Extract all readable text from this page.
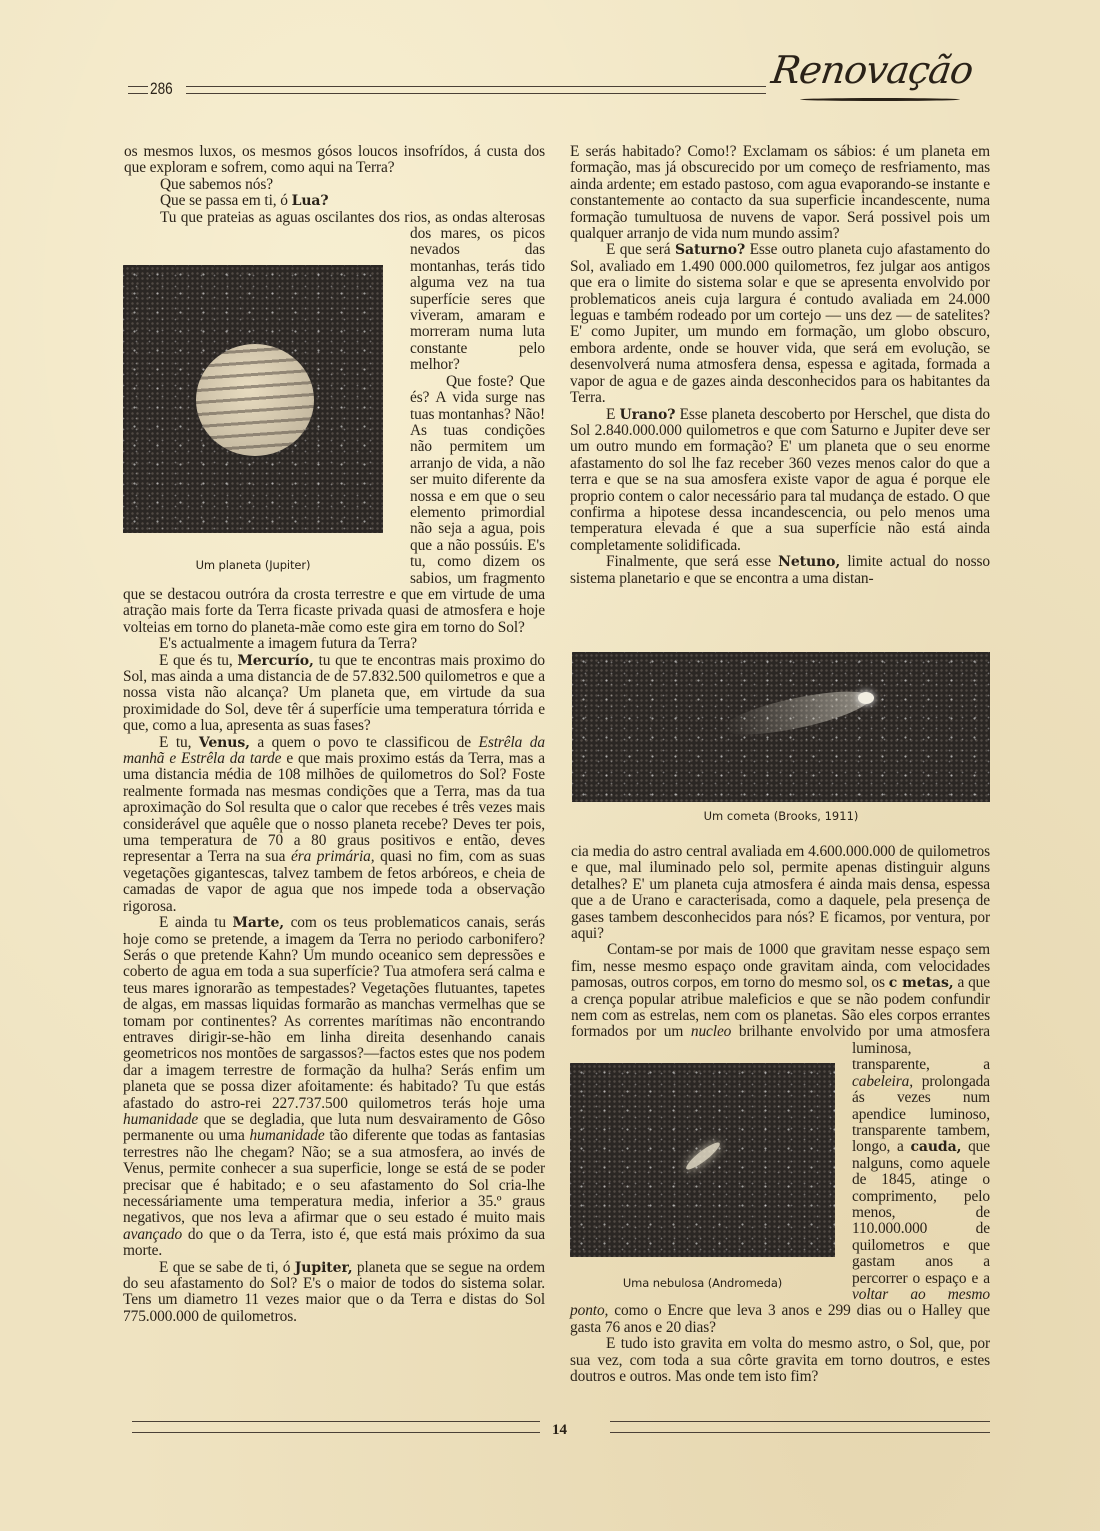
286	Renovação
Um planeta (Jupiter)

os mesmos luxos, os mesmos gósos loucos insofrídos, á custa dos que exploram e sofrem, como aqui na Terra?

Que sabemos nós?

Que se passa em ti, ó Lua?

Tu que prateias as aguas oscilantes dos rios, as ondas alterosas dos mares, os picos nevados das montanhas, terás tido alguma vez na tua superfície seres que viveram, amaram e morreram numa luta constante pelo melhor?

Que foste? Que és? A vida surge nas tuas montanhas? Não! As tuas condições não permitem um arranjo de vida, a não ser muito diferente da nossa e em que o seu elemento primordial não seja a agua, pois que a não possúis. E's tu, como dizem os sabios, um fragmento que se destacou outróra da crosta terrestre e que em virtude de uma atração mais forte da Terra ficaste privada quasi de atmosfera e hoje volteias em torno do planeta-mãe como este gira em torno do Sol?

E's actualmente a imagem futura da Terra?

E que és tu, Mercurío, tu que te encontras mais proximo do Sol, mas ainda a uma distancia de de 57.832.500 quilometros e que a nossa vista não alcança? Um planeta que, em virtude da sua proximidade do Sol, deve têr á superfície uma temperatura tórrida e que, como a lua, apresenta as suas fases?

E tu, Venus, a quem o povo te classificou de Estrêla da manhã e Estrêla da tarde e que mais proximo estás da Terra, mas a uma distancia média de 108 milhões de quilometros do Sol? Foste realmente formada nas mesmas condições que a Terra, mas da tua aproximação do Sol resulta que o calor que recebes é três vezes mais considerável que aquêle que o nosso planeta recebe? Deves ter pois, uma temperatura de 70 a 80 graus positivos e então, deves representar a Terra na sua éra primária, quasi no fim, com as suas vegetações gigantescas, talvez tambem de fetos arbóreos, e cheia de camadas de vapor de agua que nos impede toda a observação rigorosa.

E ainda tu Marte, com os teus problematicos canais, serás hoje como se pretende, a imagem da Terra no periodo carbonifero? Serás o que pretende Kahn? Um mundo oceanico sem depressões e coberto de agua em toda a sua superfície? Tua atmofera será calma e teus mares ignorarão as tempestades? Vegetações flutuantes, tapetes de algas, em massas liquidas formarão as manchas vermelhas que se tomam por continentes? As correntes marítimas não encontrando entraves dirigir-se-hão em linha direita desenhando canais geometricos nos montões de sargassos?—factos estes que nos podem dar a imagem terrestre de formação da hulha? Serás enfim um planeta que se possa dizer afoitamente: és habitado? Tu que estás afastado do astro-rei 227.737.500 quilometros terás hoje uma humanidade que se degladia, que luta num desvairamento de Gôso permanente ou uma humanidade tão diferente que todas as fantasias terrestres não lhe chegam? Não; se a sua atmosfera, ao invés de Venus, permite conhecer a sua superficie, longe se está de se poder precisar que é habitado; e o seu afastamento do Sol cria-lhe necessáriamente uma temperatura media, inferior a 35.º graus negativos, que nos leva a afirmar que o seu estado é muito mais avançado do que o da Terra, isto é, que está mais próximo da sua morte.

E que se sabe de ti, ó Jupiter, planeta que se segue na ordem do seu afastamento do Sol? E's o maior de todos do sistema solar. Tens um diametro 11 vezes maior que o da Terra e distas do Sol 775.000.000 de quilometros.

E serás habitado? Como!? Exclamam os sábios: é um planeta em formação, mas já obscurecido por um começo de resfriamento, mas ainda ardente; em estado pastoso, com agua evaporando-se instante e constantemente ao contacto da sua superficie incandescente, numa formação tumultuosa de nuvens de vapor. Será possivel pois um qualquer arranjo de vida num mundo assim?

E que será Saturno? Esse outro planeta cujo afastamento do Sol, avaliado em 1.490 000.000 quilometros, fez julgar aos antigos que era o limite do sistema solar e que se apresenta envolvido por problematicos aneis cuja largura é contudo avaliada em 24.000 leguas e também rodeado por um cortejo — uns dez — de satelites? E' como Jupiter, um mundo em formação, um globo obscuro, embora ardente, onde se houver vida, que será em evolução, se desenvolverá numa atmosfera densa, espessa e agitada, formada a vapor de agua e de gazes ainda desconhecidos para os habitantes da Terra.

E Urano? Esse planeta descoberto por Herschel, que dista do Sol 2.840.000.000 quilometros e que com Saturno e Jupiter deve ser um outro mundo em formação? E' um planeta que o seu enorme afastamento do sol lhe faz receber 360 vezes menos calor do que a terra e que se na sua amosfera existe vapor de agua é porque ele proprio contem o calor necessário para tal mudança de estado. O que confirma a hipotese dessa incandescencia, ou pelo menos uma temperatura elevada é que a sua superfície não está ainda completamente solidificada.

Finalmente, que será esse Netuno, limite actual do nosso sistema planetario e que se encontra a uma distan-

Um cometa (Brooks, 1911)
Uma nebulosa (Andromeda)

cia media do astro central avaliada em 4.600.000.000 de quilometros e que, mal iluminado pelo sol, permite apenas distinguir alguns detalhes? E' um planeta cuja atmosfera é ainda mais densa, espessa que a de Urano e caracterisada, como a daquele, pela presença de gases tambem desconhecidos para nós? E ficamos, por ventura, por aqui?

Contam-se por mais de 1000 que gravitam nesse espaço sem fim, nesse mesmo espaço onde gravitam ainda, com velocidades pamosas, outros corpos, em torno do mesmo sol, os c metas, a que a crença popular atribue maleficios e que se não podem confundir nem com as estrelas, nem com os planetas. São eles corpos errantes formados por um nucleo brilhante envolvido por uma atmosfera luminosa, transparente, a cabeleira, prolongada ás vezes num apendice luminoso, transparente tambem, longo, a cauda, que nalguns, como aquele de 1845, atinge o comprimento, pelo menos, de 110.000.000 de quilometros e que gastam anos a percorrer o espaço e a voltar ao mesmo ponto, como o Encre que leva 3 anos e 299 dias ou o Halley que gasta 76 anos e 20 dias?

E tudo isto gravita em volta do mesmo astro, o Sol, que, por sua vez, com toda a sua côrte gravita em torno doutros, e estes doutros e outros. Mas onde tem isto fim?

14
